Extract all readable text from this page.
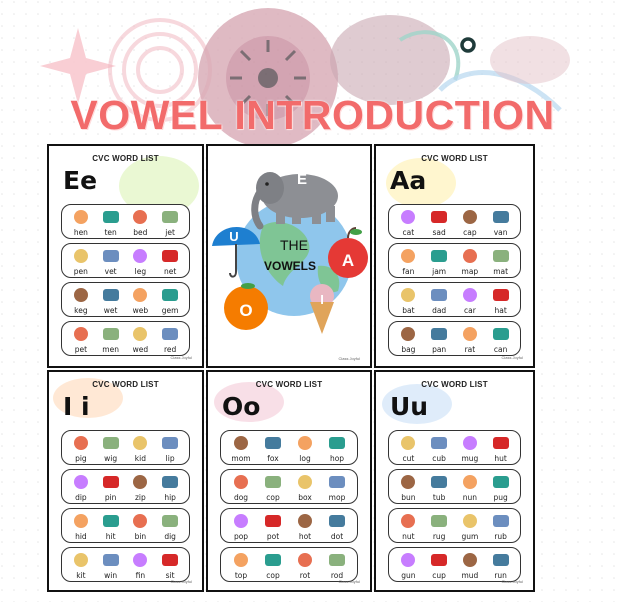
VOWEL INTRODUCTION
CVC WORD LIST
Ee
hen ten bed jet
pen vet leg net
keg wet web gem
pet men wed red
Class Joyful
E
U
A
O
I
THE
VOWELS
Class Joyful
CVC WORD LIST
Aa
cat sad cap van
fan jam map mat
bat dad car hat
bag pan rat can
Class Joyful
CVC WORD LIST
I i
pig wig kid	lip
dip pin zip hip
hid	hit	bin dig
kit win fin	sit
Class Joyful
CVC WORD LIST
Oo
mom fox	log	hop
dog cop box mop
pop	pot	hot	dot
top	cop	rot	rod
Class Joyful
CVC WORD LIST
Uu
cut cub mug hut
bun tub nun pug
nut rug gum rub
gun cup mud run
Class Joyful
